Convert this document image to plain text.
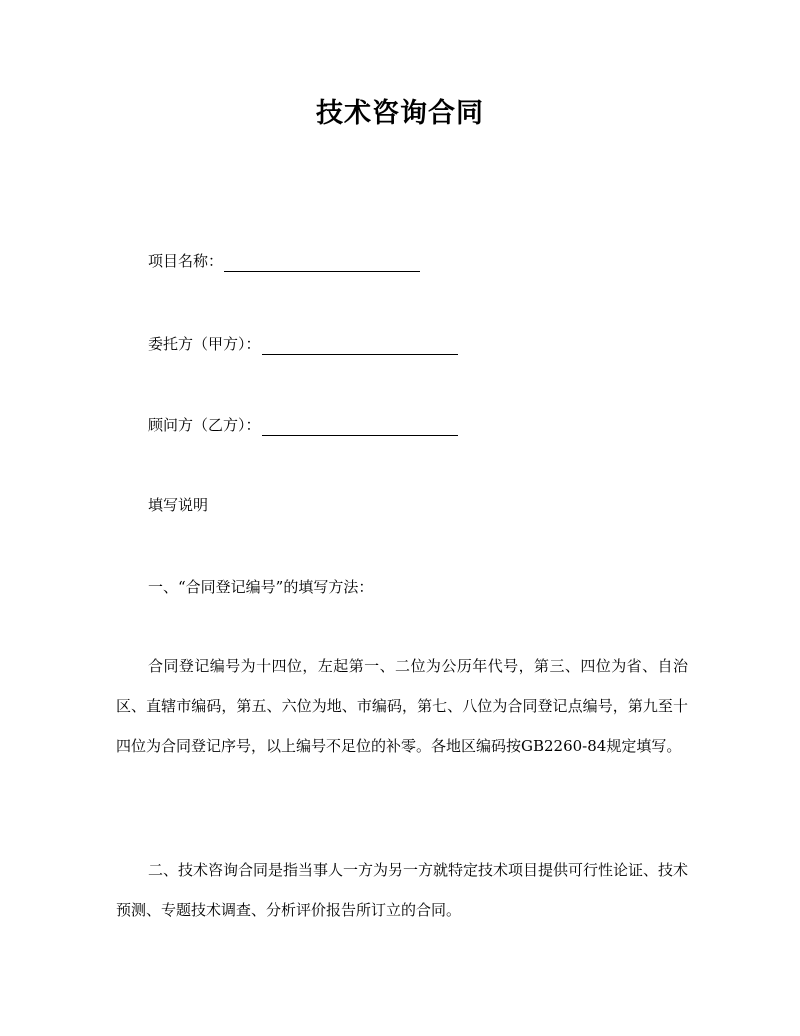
技术咨询合同
项目名称：
委托方（甲方）：
顾问方（乙方）：
填写说明
一、“合同登记编号”的填写方法：
合同登记编号为十四位，左起第一、二位为公历年代号，第三、四位为省、自治区、直辖市编码，第五、六位为地、市编码，第七、八位为合同登记点编号，第九至十四位为合同登记序号，以上编号不足位的补零。各地区编码按GB2260-84规定填写。
二、技术咨询合同是指当事人一方为另一方就特定技术项目提供可行性论证、技术预测、专题技术调查、分析评价报告所订立的合同。
